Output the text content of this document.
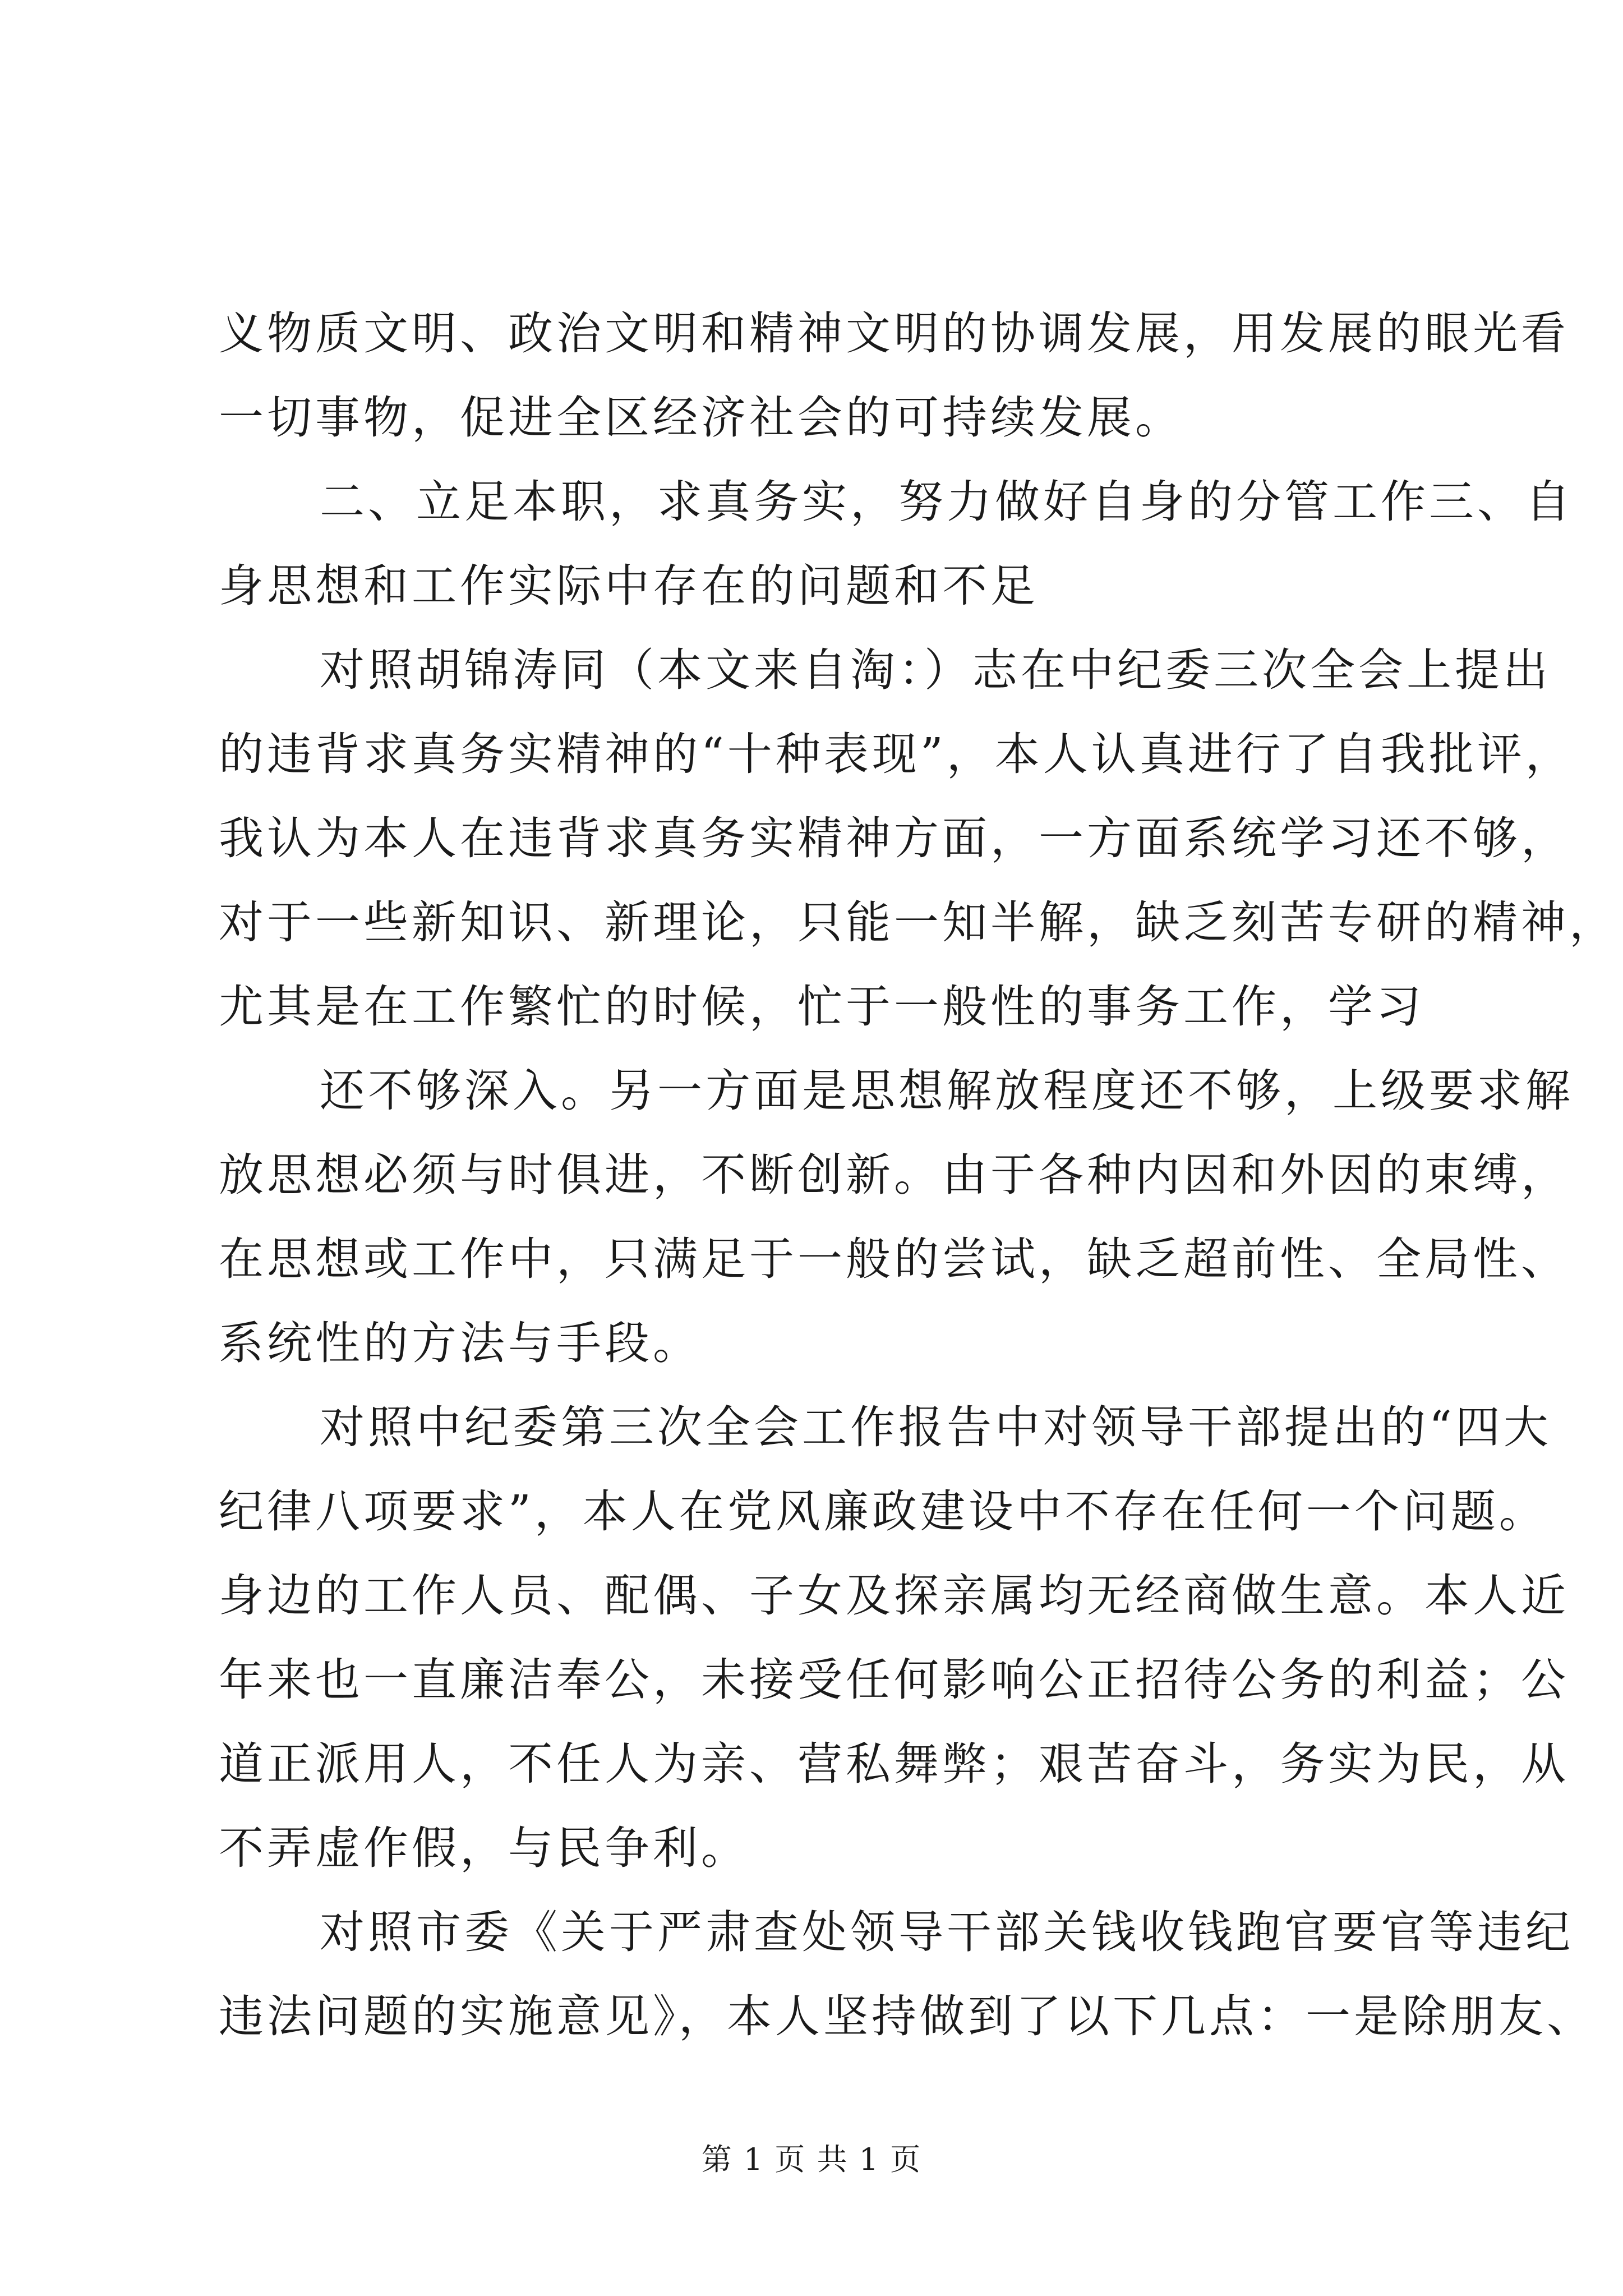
义物质文明、政治文明和精神文明的协调发展，用发展的眼光看
一切事物，促进全区经济社会的可持续发展。
二、立足本职，求真务实，努力做好自身的分管工作三、自
身思想和工作实际中存在的问题和不足
对照胡锦涛同（本文来自淘：）志在中纪委三次全会上提出
的违背求真务实精神的“十种表现”，本人认真进行了自我批评，
我认为本人在违背求真务实精神方面，一方面系统学习还不够，
对于一些新知识、新理论，只能一知半解，缺乏刻苦专研的精神，
尤其是在工作繁忙的时候，忙于一般性的事务工作，学习
还不够深入。另一方面是思想解放程度还不够，上级要求解
放思想必须与时俱进，不断创新。由于各种内因和外因的束缚，
在思想或工作中，只满足于一般的尝试，缺乏超前性、全局性、
系统性的方法与手段。
对照中纪委第三次全会工作报告中对领导干部提出的“四大
纪律八项要求”，本人在党风廉政建设中不存在任何一个问题。
身边的工作人员、配偶、子女及探亲属均无经商做生意。本人近
年来也一直廉洁奉公，未接受任何影响公正招待公务的利益；公
道正派用人，不任人为亲、营私舞弊；艰苦奋斗，务实为民，从
不弄虚作假，与民争利。
对照市委《关于严肃查处领导干部关钱收钱跑官要官等违纪
违法问题的实施意见》，本人坚持做到了以下几点：一是除朋友、
第 1 页 共 1 页
